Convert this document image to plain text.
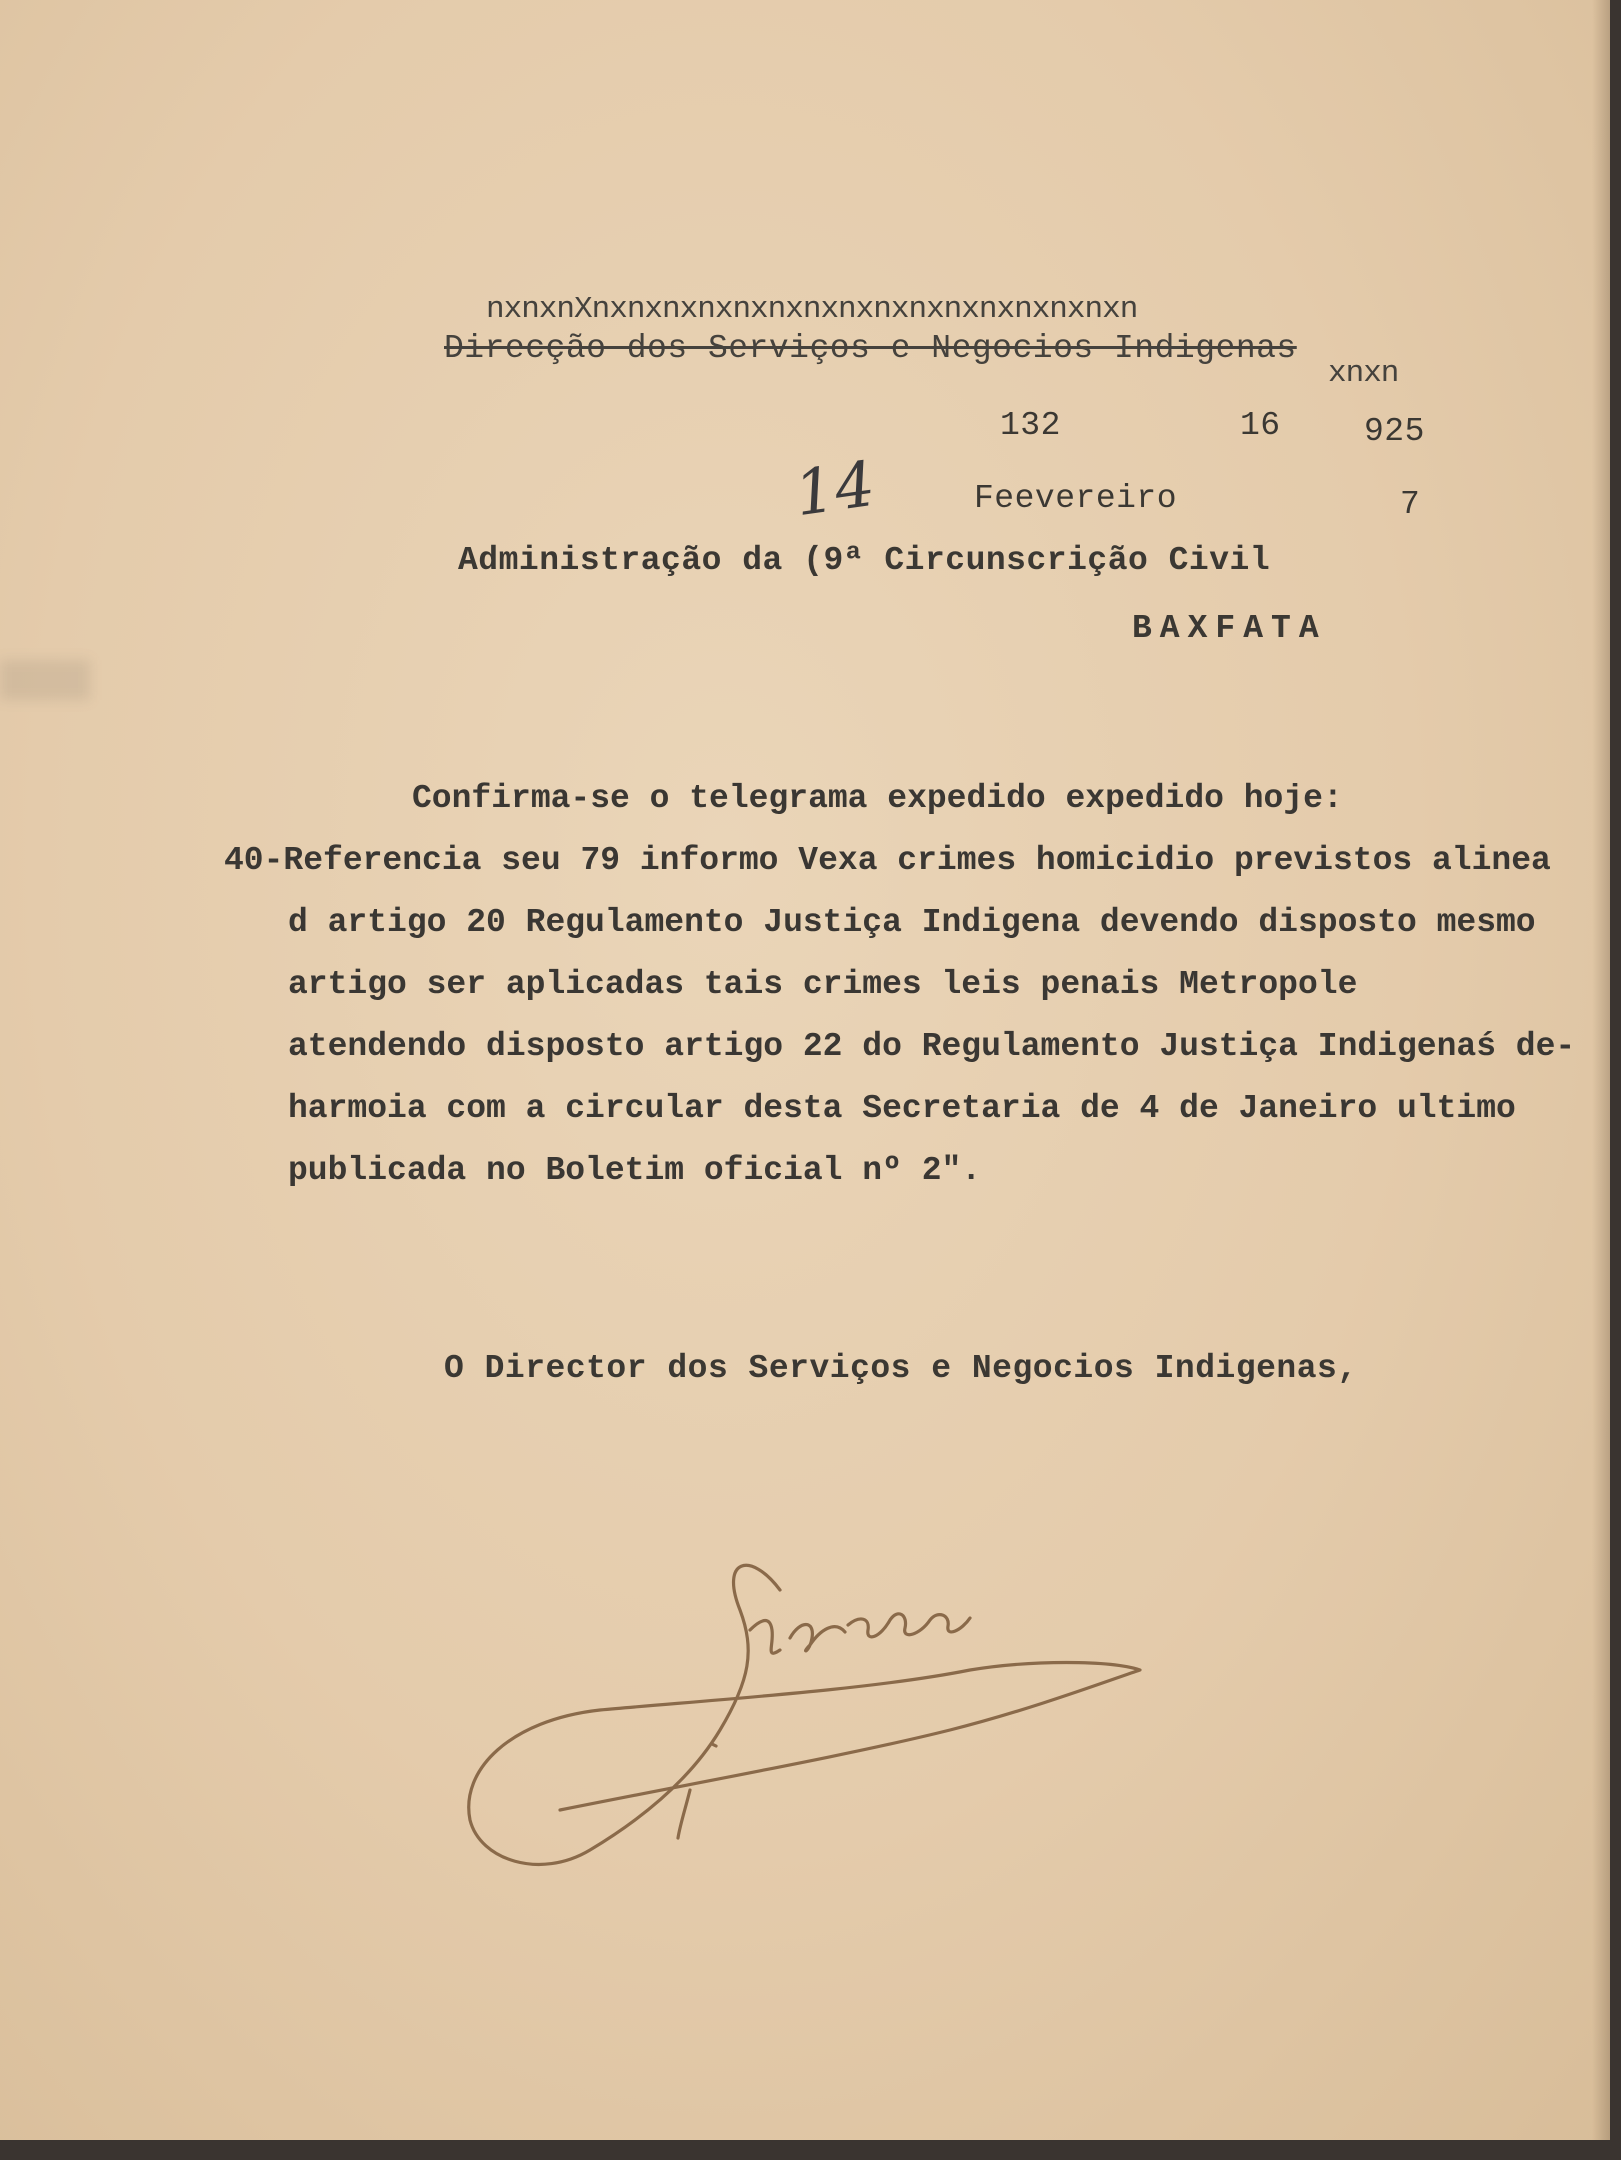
nxnxnXnxnxnxnxnxnxnxnxnxnxnxnxnxnxnxn
Direcção dos Serviços e Negocios Indigenas
xnxn
132	16	925
14	Feevereiro	7
Administração da (9ª Circunscrição Civil
BAXFATA
Confirma-se o telegrama expedido expedido hoje:
40-Referencia seu 79 informo Vexa crimes homicidio previstos alinea
d artigo 20 Regulamento Justiça Indigena devendo disposto mesmo
artigo ser aplicadas tais crimes leis penais Metropole
atendendo disposto artigo 22 do Regulamento Justiça Indigenaś de-
harmoia com a circular desta Secretaria de 4 de Janeiro ultimo
publicada no Boletim oficial nº 2".
O Director dos Serviços e Negocios Indigenas,
